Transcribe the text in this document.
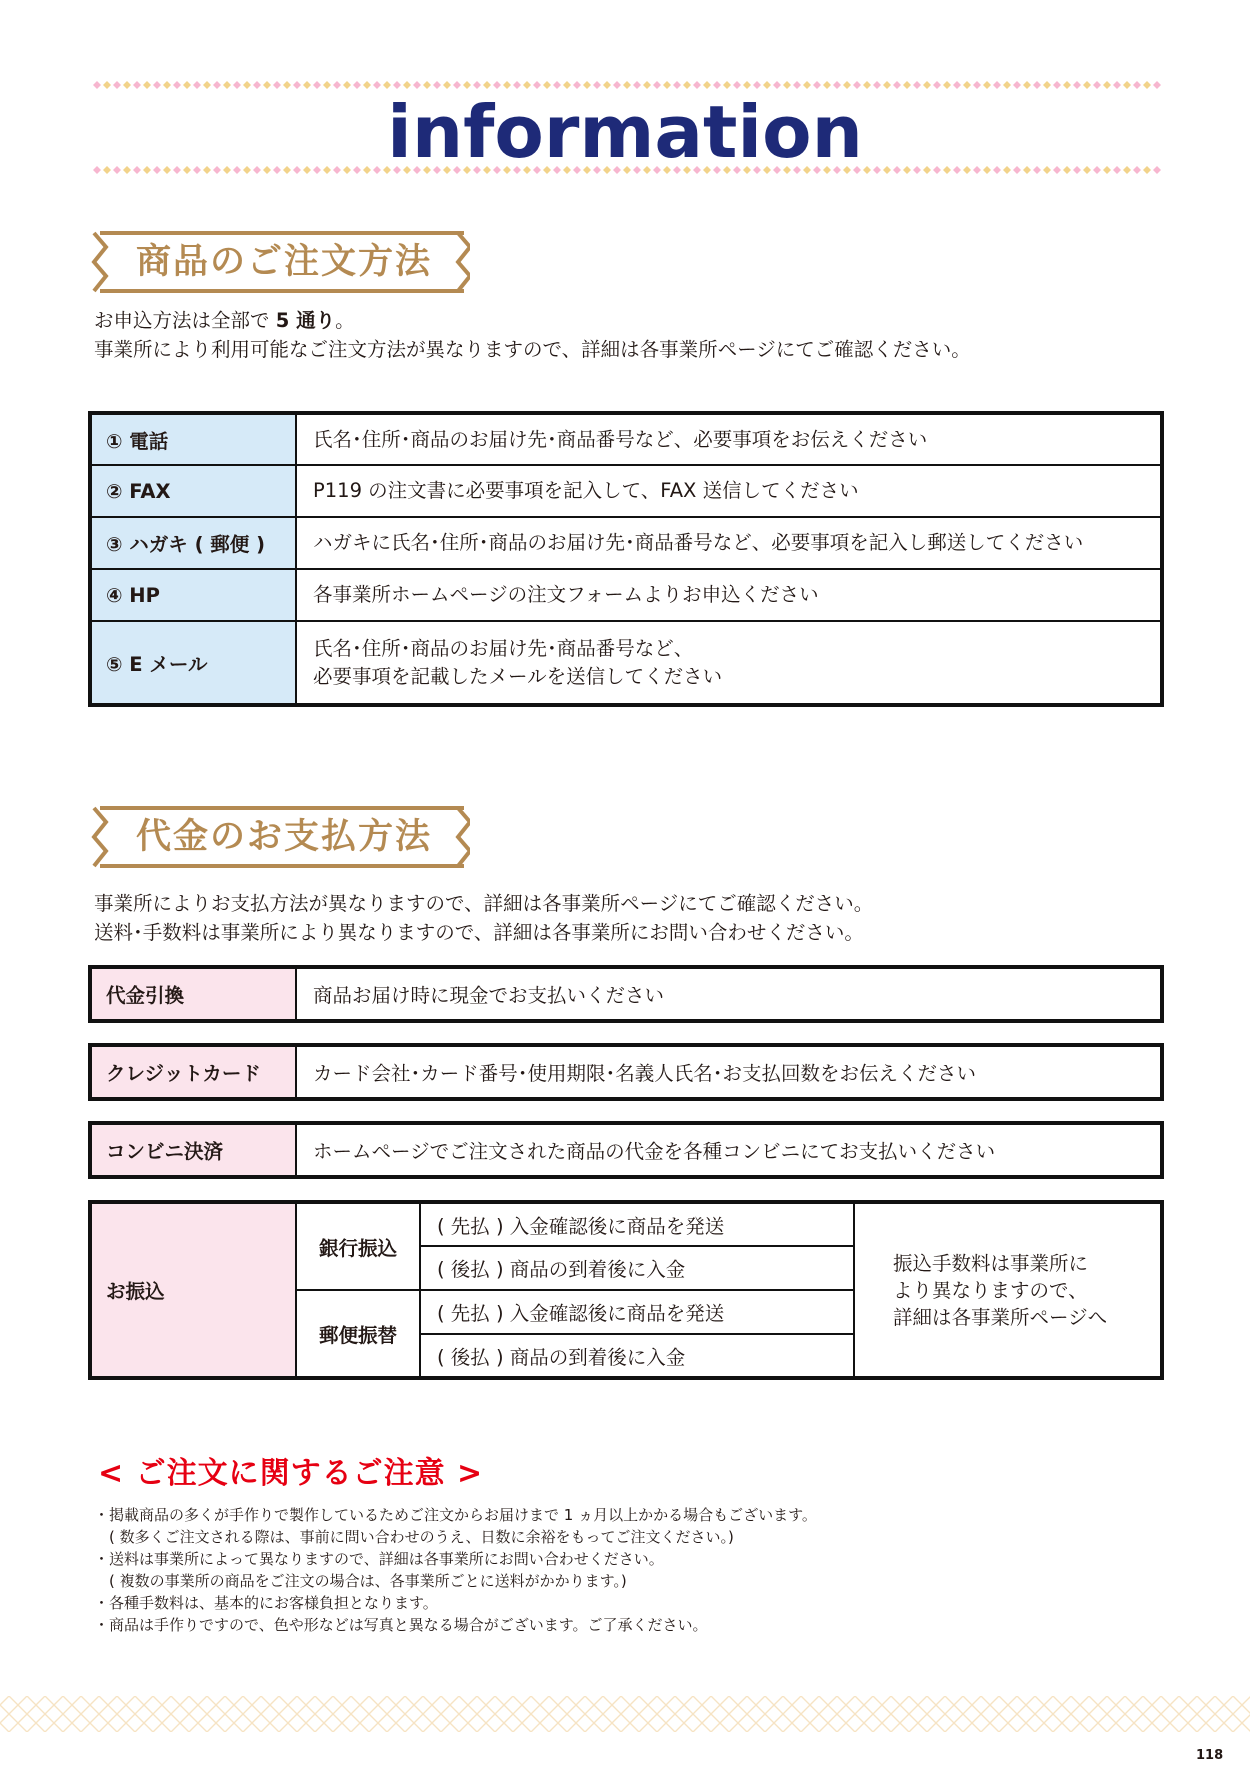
information
商品のご注文方法
お申込方法は全部で 5 通り。
事業所により利用可能なご注文方法が異なりますので、詳細は各事業所ページにてご確認ください。
① 電話	氏名･住所･商品のお届け先･商品番号など、必要事項をお伝えください
② FAX	P119 の注文書に必要事項を記入して、FAX 送信してください
③ ハガキ ( 郵便 )	ハガキに氏名･住所･商品のお届け先･商品番号など、必要事項を記入し郵送してください
④ HP	各事業所ホームページの注文フォームよりお申込ください
⑤ E メール	氏名･住所･商品のお届け先･商品番号など、
必要事項を記載したメールを送信してください
代金のお支払方法
事業所によりお支払方法が異なりますので、詳細は各事業所ページにてご確認ください。
送料･手数料は事業所により異なりますので、詳細は各事業所にお問い合わせください。
代金引換	商品お届け時に現金でお支払いください
クレジットカード	カード会社･カード番号･使用期限･名義人氏名･お支払回数をお伝えください
コンビニ決済	ホームページでご注文された商品の代金を各種コンビニにてお支払いください
お振込	銀行振込	( 先払 ) 入金確認後に商品を発送	振込手数料は事業所に
より異なりますので、
詳細は各事業所ページへ

		( 後払 ) 商品の到着後に入金	
	郵便振替	( 先払 ) 入金確認後に商品を発送	
		( 後払 ) 商品の到着後に入金	
< ご注文に関するご注意 >
・掲載商品の多くが手作りで製作しているためご注文からお届けまで 1 ヵ月以上かかる場合もございます。
　( 数多くご注文される際は、事前に問い合わせのうえ、日数に余裕をもってご注文ください。)
・送料は事業所によって異なりますので、詳細は各事業所にお問い合わせください。
　( 複数の事業所の商品をご注文の場合は、各事業所ごとに送料がかかります。)
・各種手数料は、基本的にお客様負担となります。
・商品は手作りですので、色や形などは写真と異なる場合がございます。ご了承ください。
118
